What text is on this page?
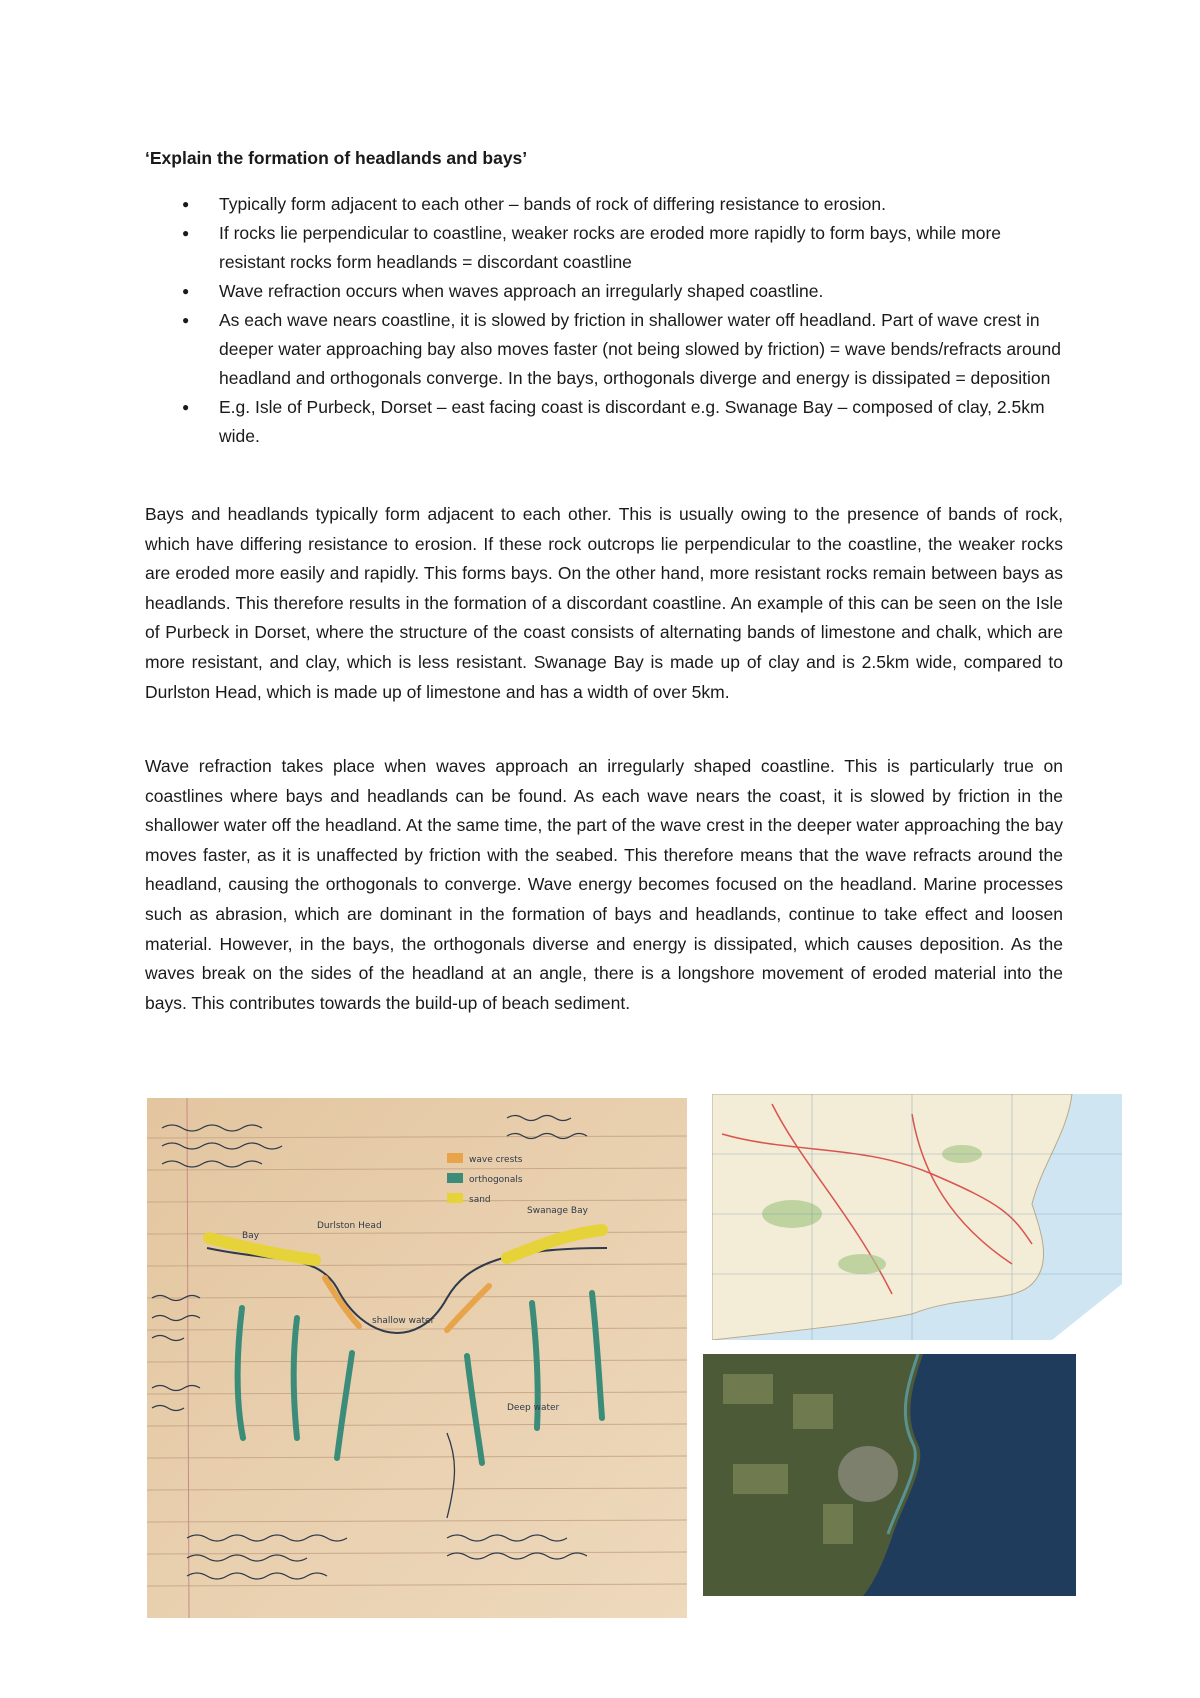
‘Explain the formation of headlands and bays’
● Typically form adjacent to each other – bands of rock of differing resistance to erosion.
● If rocks lie perpendicular to coastline, weaker rocks are eroded more rapidly to form bays, while more resistant rocks form headlands = discordant coastline
● Wave refraction occurs when waves approach an irregularly shaped coastline.
● As each wave nears coastline, it is slowed by friction in shallower water off headland. Part of wave crest in deeper water approaching bay also moves faster (not being slowed by friction) = wave bends/refracts around headland and orthogonals converge. In the bays, orthogonals diverge and energy is dissipated = deposition
● E.g. Isle of Purbeck, Dorset – east facing coast is discordant e.g. Swanage Bay – composed of clay, 2.5km wide.

Bays and headlands typically form adjacent to each other. This is usually owing to the presence of bands of rock, which have differing resistance to erosion. If these rock outcrops lie perpendicular to the coastline, the weaker rocks are eroded more easily and rapidly. This forms bays. On the other hand, more resistant rocks remain between bays as headlands. This therefore results in the formation of a discordant coastline. An example of this can be seen on the Isle of Purbeck in Dorset, where the structure of the coast consists of alternating bands of limestone and chalk, which are more resistant, and clay, which is less resistant. Swanage Bay is made up of clay and is 2.5km wide, compared to Durlston Head, which is made up of limestone and has a width of over 5km.

Wave refraction takes place when waves approach an irregularly shaped coastline. This is particularly true on coastlines where bays and headlands can be found. As each wave nears the coast, it is slowed by friction in the shallower water off the headland. At the same time, the part of the wave crest in the deeper water approaching the bay moves faster, as it is unaffected by friction with the seabed. This therefore means that the wave refracts around the headland, causing the orthogonals to converge. Wave energy becomes focused on the headland. Marine processes such as abrasion, which are dominant in the formation of bays and headlands, continue to take effect and loosen material. However, in the bays, the orthogonals diverse and energy is dissipated, which causes deposition. As the waves break on the sides of the headland at an angle, there is a longshore movement of eroded material into the bays. This contributes towards the build-up of beach sediment.

wave crests
orthogonals
sand
Durlston Head
Swanage Bay
Bay
shallow water
Deep water
